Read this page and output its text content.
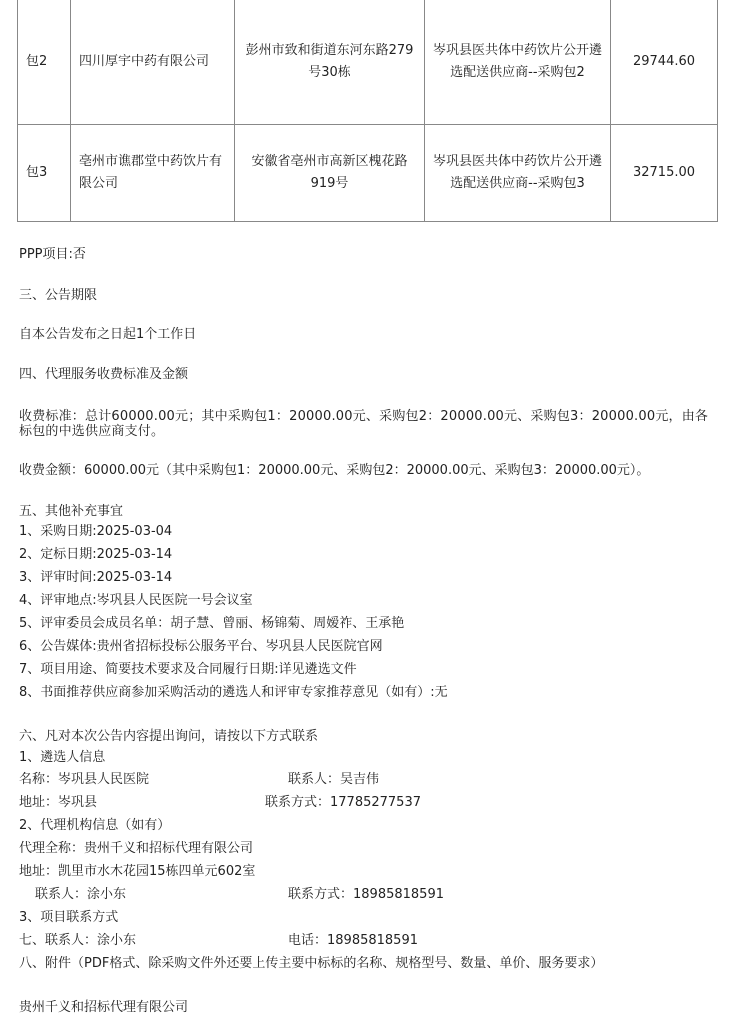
包2	四川厚宇中药有限公司	彭州市致和街道东河东路279号30栋	岑巩县医共体中药饮片公开遴选配送供应商--采购包2	29744.60
包3	亳州市谯郡堂中药饮片有限公司	安徽省亳州市高新区槐花路919号	岑巩县医共体中药饮片公开遴选配送供应商--采购包3	32715.00
PPP项目:否
三、公告期限
自本公告发布之日起1个工作日
四、代理服务收费标准及金额
收费标准：总计60000.00元；其中采购包1：20000.00元、采购包2：20000.00元、采购包3：20000.00元，由各标包的中选供应商支付。
收费金额：60000.00元（其中采购包1：20000.00元、采购包2：20000.00元、采购包3：20000.00元）。
五、其他补充事宜
1、采购日期:2025-03-04
2、定标日期:2025-03-14
3、评审时间:2025-03-14
4、评审地点:岑巩县人民医院一号会议室
5、评审委员会成员名单：胡子慧、曾丽、杨锦菊、周嫒祚、王承艳
6、公告媒体:贵州省招标投标公服务平台、岑巩县人民医院官网
7、项目用途、简要技术要求及合同履行日期:详见遴选文件
8、书面推荐供应商参加采购活动的遴选人和评审专家推荐意见（如有）:无
六、凡对本次公告内容提出询问，请按以下方式联系
1、遴选人信息
名称：岑巩县人民医院	联系人：吴吉伟
地址：岑巩县	联系方式：17785277537
2、代理机构信息（如有）
代理全称：贵州千义和招标代理有限公司
地址：凯里市水木花园15栋四单元602室
联系人：涂小东	联系方式：18985818591
3、项目联系方式
七、联系人：涂小东	电话：18985818591
八、附件（PDF格式、除采购文件外还要上传主要中标标的名称、规格型号、数量、单价、服务要求）
贵州千义和招标代理有限公司
